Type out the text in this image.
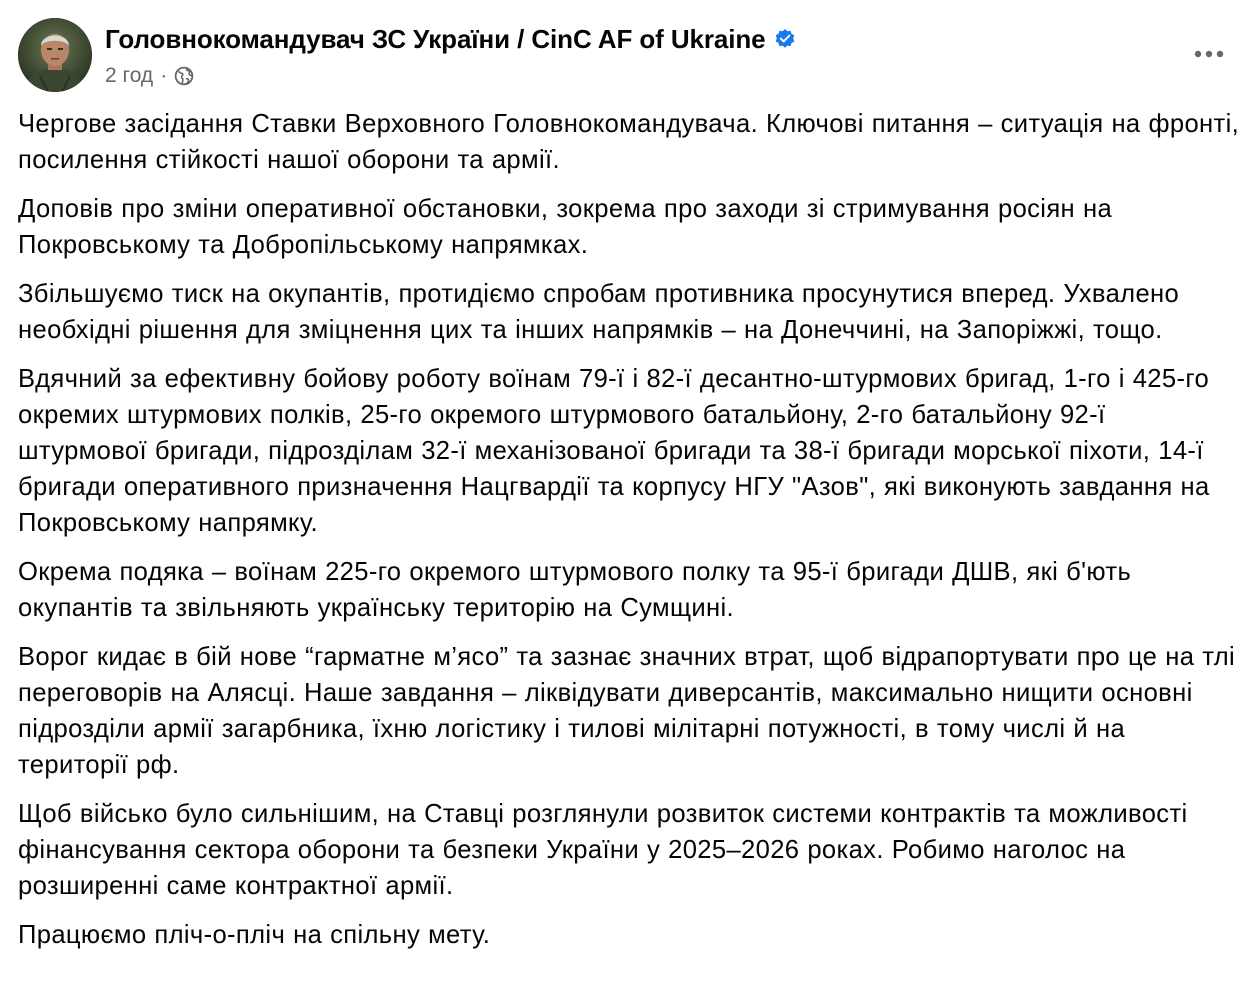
Головнокомандувач ЗС України / CinC AF of Ukraine
2 год ·

Чергове засідання Ставки Верховного Головнокомандувача. Ключові питання – ситуація на фронті, посилення стійкості нашої оборони та армії.

Доповів про зміни оперативної обстановки, зокрема про заходи зі стримування росіян на Покровському та Добропільському напрямках.

Збільшуємо тиск на окупантів, протидіємо спробам противника просунутися вперед. Ухвалено необхідні рішення для зміцнення цих та інших напрямків – на Донеччині, на Запоріжжі, тощо.

Вдячний за ефективну бойову роботу воїнам 79-ї і 82-ї десантно-штурмових бригад, 1-го і 425-го окремих штурмових полків, 25-го окремого штурмового батальйону, 2-го батальйону 92-ї штурмової бригади, підрозділам 32-ї механізованої бригади та 38-ї бригади морської піхоти, 14-ї бригади оперативного призначення Нацгвардії та корпусу НГУ "Азов", які виконують завдання на Покровському напрямку.

Окрема подяка – воїнам 225-го окремого штурмового полку та 95-ї бригади ДШВ, які б'ють окупантів та звільняють українську територію на Сумщині.

Ворог кидає в бій нове “гарматне м’ясо” та зазнає значних втрат, щоб відрапортувати про це на тлі переговорів на Алясці. Наше завдання – ліквідувати диверсантів, максимально нищити основні підрозділи армії загарбника, їхню логістику і тилові мілітарні потужності, в тому числі й на території рф.

Щоб військо було сильнішим, на Ставці розглянули розвиток системи контрактів та можливості фінансування сектора оборони та безпеки України у 2025–2026 роках. Робимо наголос на розширенні саме контрактної армії.

Працюємо пліч-о-пліч на спільну мету.
